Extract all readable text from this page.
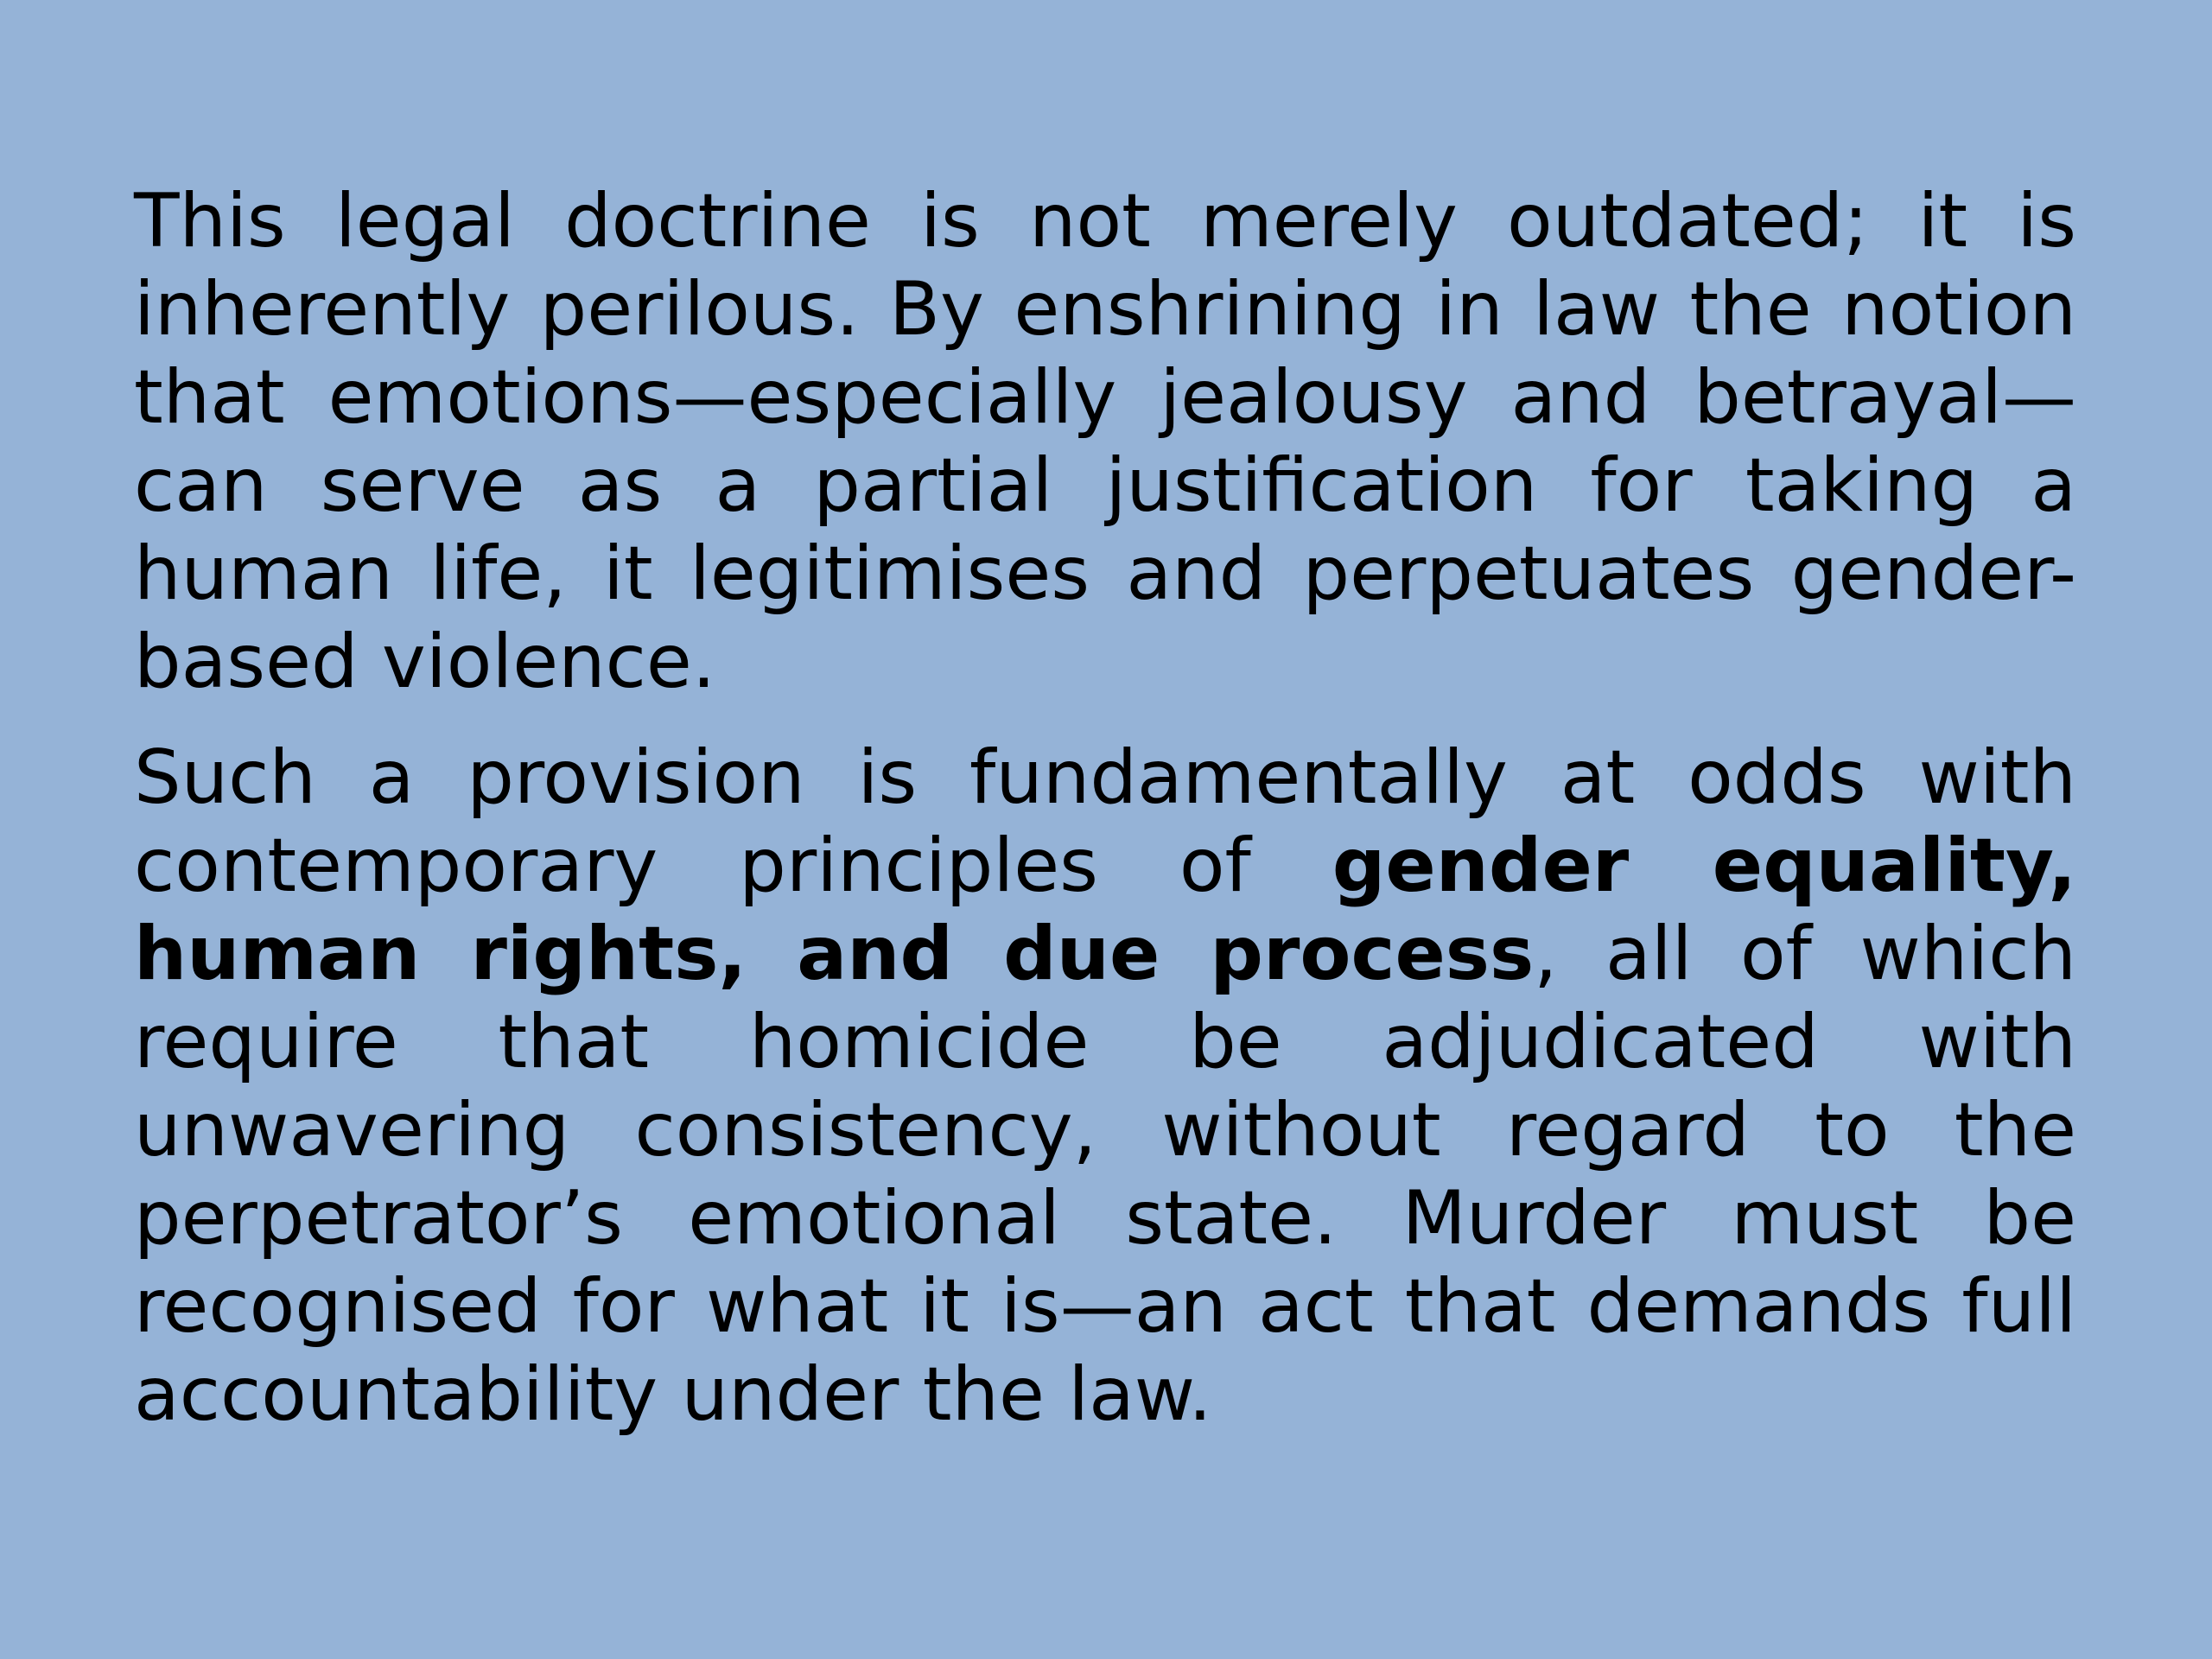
This legal doctrine is not merely outdated; it is inherently perilous. By enshrining in law the notion that emotions—especially jealousy and betrayal—can serve as a partial justification for taking a human life, it legitimises and perpetuates gender-based violence.

Such a provision is fundamentally at odds with contemporary principles of gender equality, human rights, and due process, all of which require that homicide be adjudicated with unwavering consistency, without regard to the perpetrator’s emotional state. Murder must be recognised for what it is—an act that demands full accountability under the law.
